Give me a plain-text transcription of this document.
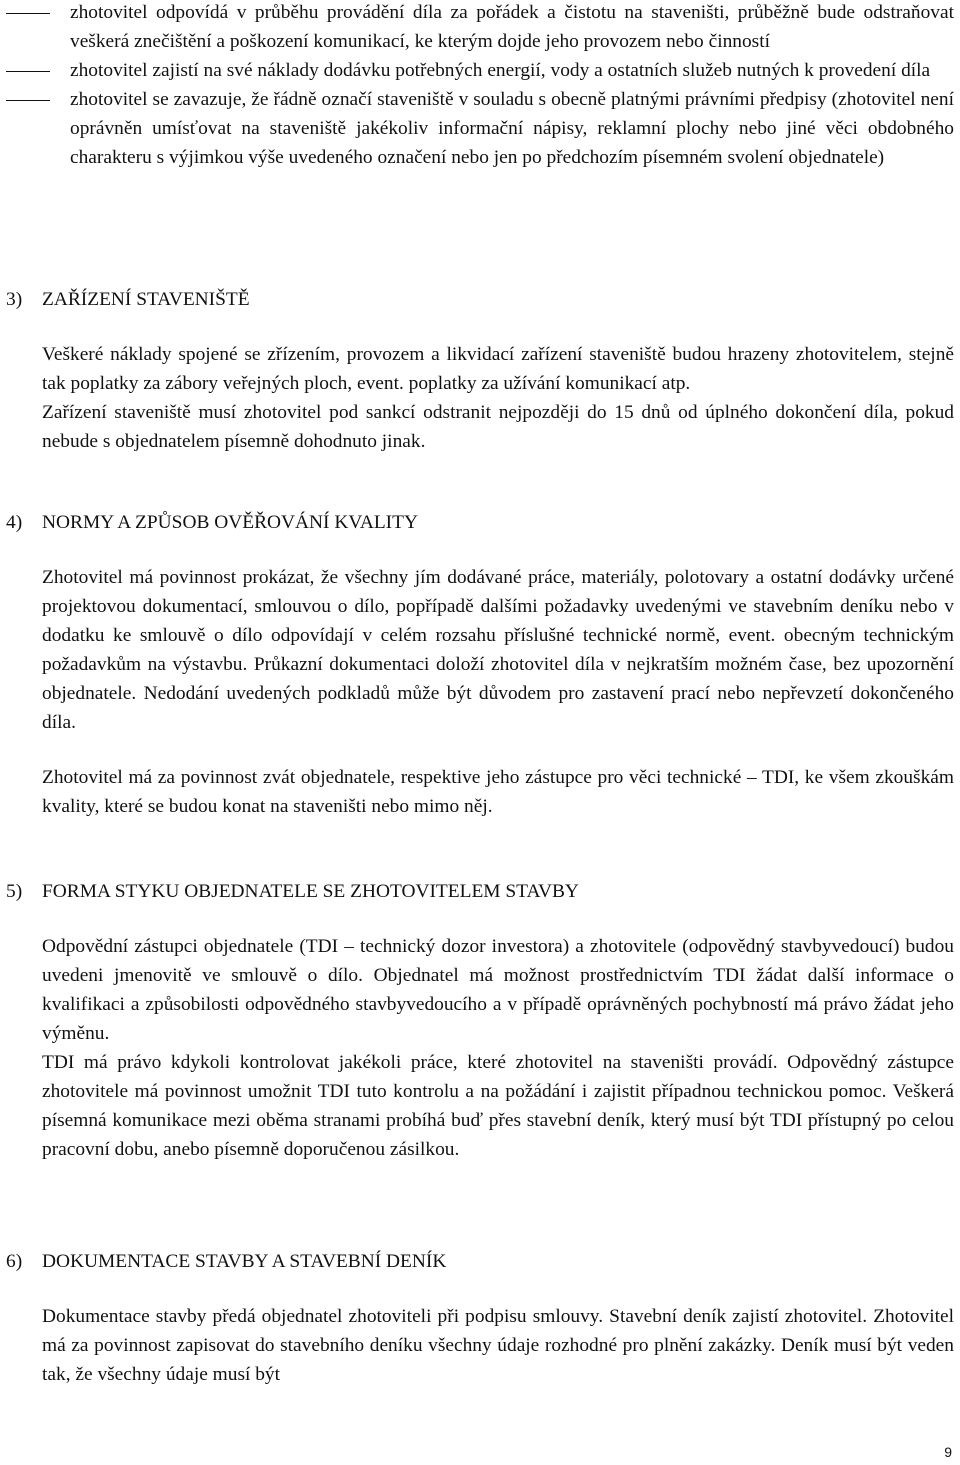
zhotovitel odpovídá v průběhu provádění díla za pořádek a čistotu na staveništi, průběžně bude odstraňovat veškerá znečištění a poškození komunikací, ke kterým dojde jeho provozem nebo činností
zhotovitel zajistí na své náklady dodávku potřebných energií, vody a ostatních služeb nutných k provedení díla
zhotovitel se zavazuje, že řádně označí staveniště v souladu s obecně platnými právními předpisy (zhotovitel není oprávněn umísťovat na staveniště jakékoliv informační nápisy, reklamní plochy nebo jiné věci obdobného charakteru s výjimkou výše uvedeného označení nebo jen po předchozím písemném svolení objednatele)
3) ZAŘÍZENÍ STAVENIŠTĚ
Veškeré náklady spojené se zřízením, provozem a likvidací zařízení staveniště budou hrazeny zhotovitelem, stejně tak poplatky za zábory veřejných ploch, event. poplatky za užívání komunikací atp.
Zařízení staveniště musí zhotovitel pod sankcí odstranit nejpozději do 15 dnů od úplného dokončení díla, pokud nebude s objednatelem písemně dohodnuto jinak.
4) NORMY A ZPŮSOB OVĚŘOVÁNÍ KVALITY
Zhotovitel má povinnost prokázat, že všechny jím dodávané práce, materiály, polotovary a ostatní dodávky určené projektovou dokumentací, smlouvou o dílo, popřípadě dalšími požadavky uvedenými ve stavebním deníku nebo v dodatku ke smlouvě o dílo odpovídají v celém rozsahu příslušné technické normě, event. obecným technickým požadavkům na výstavbu. Průkazní dokumentaci doloží zhotovitel díla v nejkratším možném čase, bez upozornění objednatele. Nedodání uvedených podkladů může být důvodem pro zastavení prací nebo nepřevzetí dokončeného díla.
Zhotovitel má za povinnost zvát objednatele, respektive jeho zástupce pro věci technické – TDI, ke všem zkouškám kvality, které se budou konat na staveništi nebo mimo něj.
5) FORMA STYKU OBJEDNATELE SE ZHOTOVITELEM STAVBY
Odpovědní zástupci objednatele (TDI – technický dozor investora) a zhotovitele (odpovědný stavbyvedoucí) budou uvedeni jmenovitě ve smlouvě o dílo. Objednatel má možnost prostřednictvím TDI žádat další informace o kvalifikaci a způsobilosti odpovědného stavbyvedoucího a v případě oprávněných pochybností má právo žádat jeho výměnu.
TDI má právo kdykoli kontrolovat jakékoli práce, které zhotovitel na staveništi provádí. Odpovědný zástupce zhotovitele má povinnost umožnit TDI tuto kontrolu a na požádání i zajistit případnou technickou pomoc. Veškerá písemná komunikace mezi oběma stranami probíhá buď přes stavební deník, který musí být TDI přístupný po celou pracovní dobu, anebo písemně doporučenou zásilkou.
6) DOKUMENTACE STAVBY A STAVEBNÍ DENÍK
Dokumentace stavby předá objednatel zhotoviteli při podpisu smlouvy. Stavební deník zajistí zhotovitel. Zhotovitel má za povinnost zapisovat do stavebního deníku všechny údaje rozhodné pro plnění zakázky. Deník musí být veden tak, že všechny údaje musí být
9
